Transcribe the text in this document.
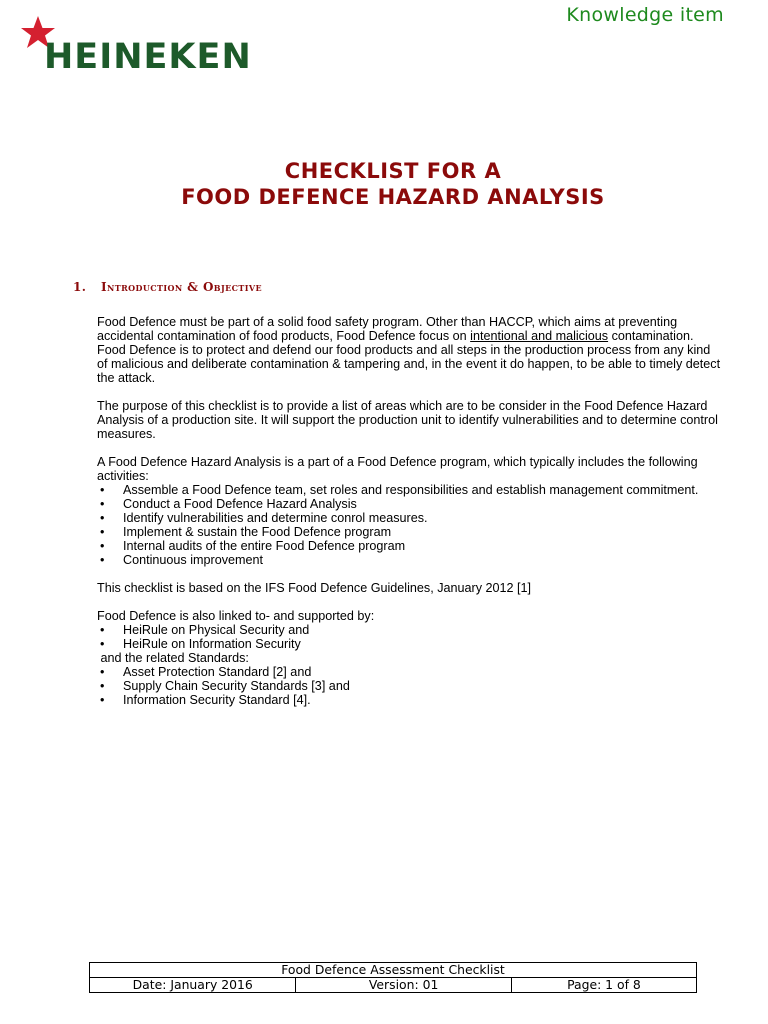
HEINEKEN
Knowledge item
CHECKLIST FOR A
FOOD DEFENCE HAZARD ANALYSIS
1. Introduction & Objective

Food Defence must be part of a solid food safety program. Other than HACCP, which aims at preventing accidental contamination of food products, Food Defence focus on intentional and malicious contamination. Food Defence is to protect and defend our food products and all steps in the production process from any kind of malicious and deliberate contamination & tampering and, in the event it do happen, to be able to timely detect the attack.

The purpose of this checklist is to provide a list of areas which are to be consider in the Food Defence Hazard Analysis of a production site. It will support the production unit to identify vulnerabilities and to determine control measures.

A Food Defence Hazard Analysis is a part of a Food Defence program, which typically includes the following activities:

• Assemble a Food Defence team, set roles and responsibilities and establish management commitment.
• Conduct a Food Defence Hazard Analysis
• Identify vulnerabilities and determine conrol measures.
• Implement & sustain the Food Defence program
• Internal audits of the entire Food Defence program
• Continuous improvement

This checklist is based on the IFS Food Defence Guidelines, January 2012 [1]

Food Defence is also linked to- and supported by:

• HeiRule on Physical Security and
• HeiRule on Information Security

and the related Standards:

• Asset Protection Standard [2] and
• Supply Chain Security Standards [3] and
• Information Security Standard [4].
Food Defence Assessment Checklist
Date: January 2016	Version: 01	Page: 1 of 8
